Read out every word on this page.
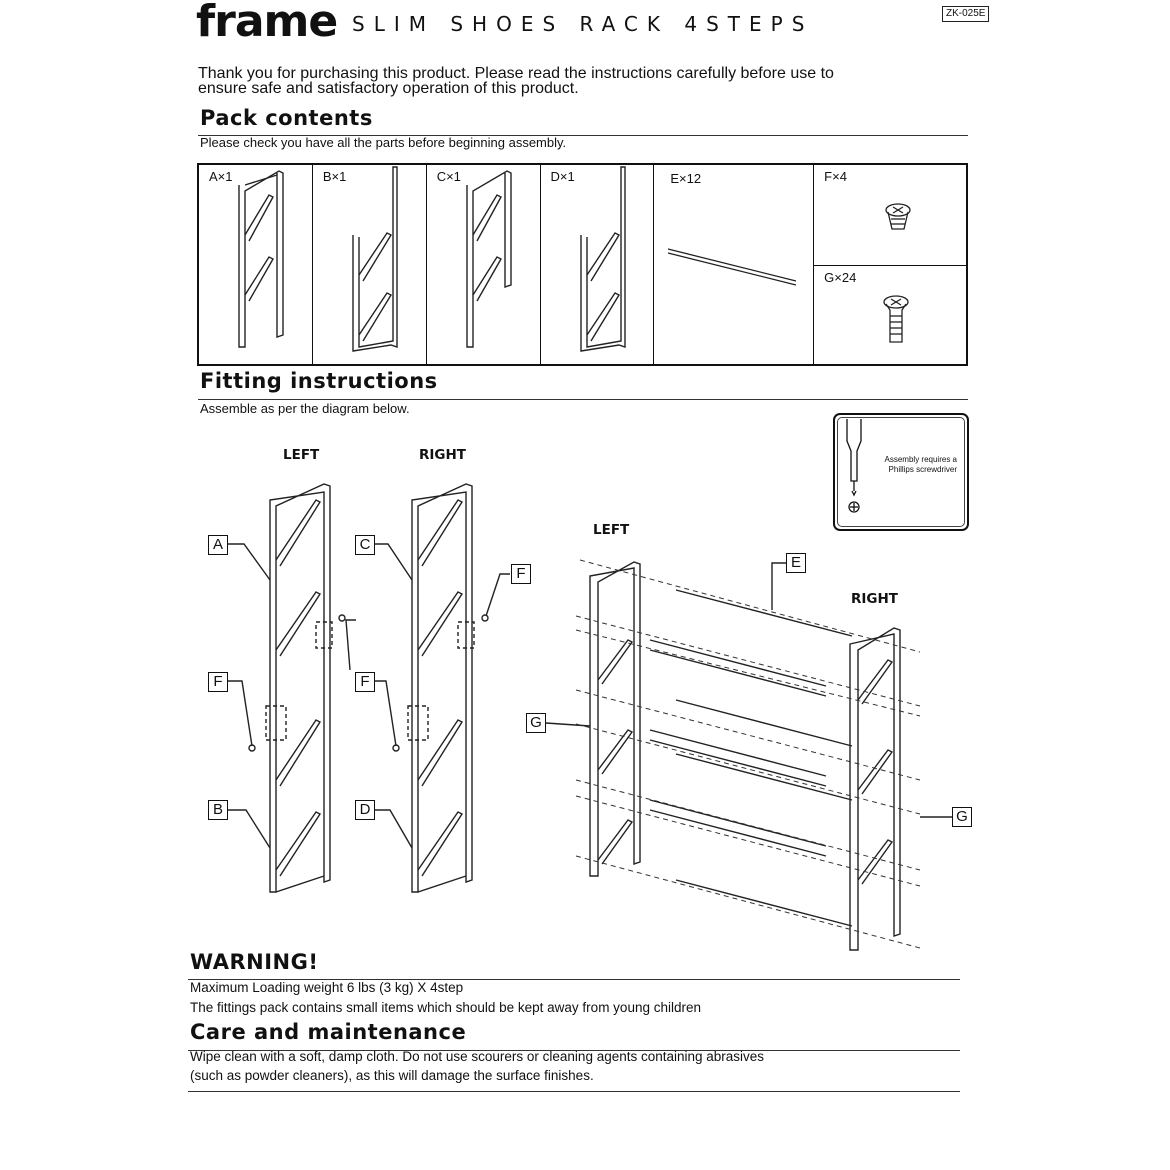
frame SLIM SHOES RACK 4STEPS	ZK-025E
Thank you for purchasing this product. Please read the instructions carefully before use to
ensure safe and satisfactory operation of this product.
Pack contents
Please check you have all the parts before beginning assembly.
A×1	B×1	C×1	D×1	E×12	F×4

G×24
Fitting instructions
Assemble as per the diagram below.
Assembly requires a
Phillips screwdriver
LEFT	RIGHT
LEFT
RIGHT
A
F
B
C
F
D
F
E
G
G
WARNING!
Maximum Loading weight 6 lbs (3 kg) X 4step
The fittings pack contains small items which should be kept away from young children
Care and maintenance
Wipe clean with a soft, damp cloth. Do not use scourers or cleaning agents containing abrasives
(such as powder cleaners), as this will damage the surface finishes.
